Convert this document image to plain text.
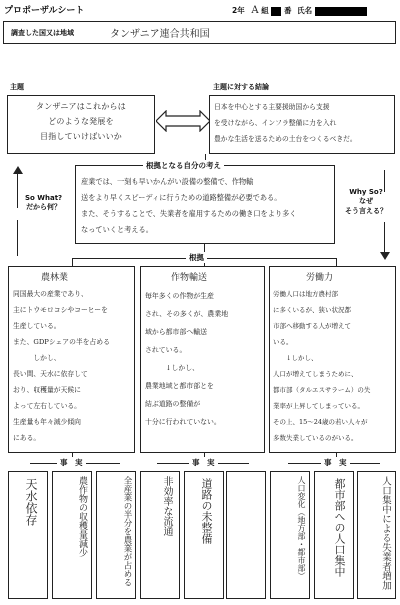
プロポーザルシート	2年 A 組 番 氏名
調査した国又は地域	タンザニア連合共和国
主題
タンザニアはこれからは
どのような発展を
目指していけばいいか
主題に対する結論
日本を中心とする主要援助国から支援
を受けながら、インフラ整備に力を入れ
豊かな生活を送るための土台をつくるべきだ。
So What?
だから何？
Why So?
なぜ
そう言える？
根拠となる自分の考え
産業では、一刻も早いかんがい設備の整備で、作物輸
送をより早くスピーディに行うための道路整備が必要である。
また、そうすることで、失業者を雇用するための働き口をより多く
なっていくと考える。
根拠
農林業
同国最大の産業であり、
主にトウモロコシやコーヒーを
生産している。
また、GDPシェアの半を占める
　　　しかし、
長い間、天水に依存して
おり、収穫量が天候に
よって左右している。
生産量も年々減少傾向
にある。
作物輸送
毎年多くの作物が生産
され、その多くが、農業地
域から都市部へ輸送
されている。
　　　↓しかし、
農業地域と都市部とを
結ぶ道路の整備が
十分に行われていない。
労働力
労働人口は地方農村部
に多くいるが、狭い状況都
市部へ移動する人が増えて
いる。
　　↓しかし、
人口が増えてしまうために、
都市部（タルエスサラーム）の失
業率が上昇してしまっている。
その上、15〜24歳の若い人々が
多数失業しているのがいる。
事　実	事　実	事　実
天水依存	農作物の収穫量減少	全産業の半分を農業が占める	非効率な流通	道路の未整備	人口変化（地方部・都市部） 都市部への人口集中	人口集中による失業者増加
